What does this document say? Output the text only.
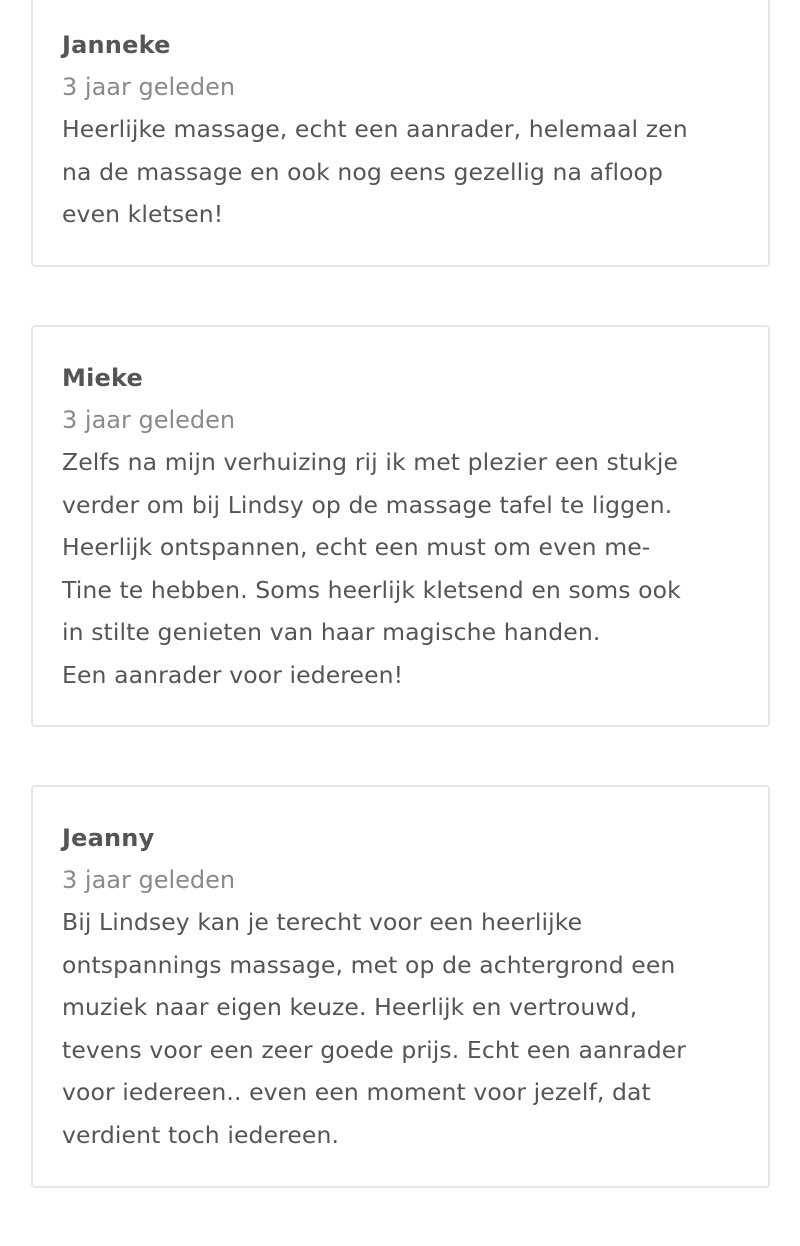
Janneke
3 jaar geleden
Heerlijke massage, echt een aanrader, helemaal zen
na de massage en ook nog eens gezellig na afloop
even kletsen!
Mieke
3 jaar geleden
Zelfs na mijn verhuizing rij ik met plezier een stukje
verder om bij Lindsy op de massage tafel te liggen.
Heerlijk ontspannen, echt een must om even me-
Tine te hebben. Soms heerlijk kletsend en soms ook
in stilte genieten van haar magische handen.
Een aanrader voor iedereen!
Jeanny
3 jaar geleden
Bij Lindsey kan je terecht voor een heerlijke
ontspannings massage, met op de achtergrond een
muziek naar eigen keuze. Heerlijk en vertrouwd,
tevens voor een zeer goede prijs. Echt een aanrader
voor iedereen.. even een moment voor jezelf, dat
verdient toch iedereen.
